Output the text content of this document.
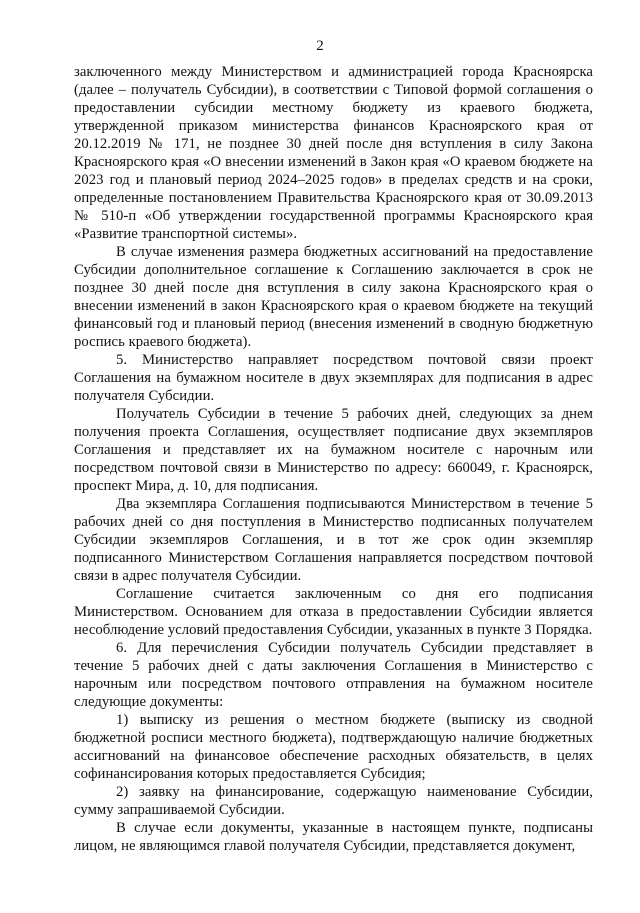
2

заключенного между Министерством и администрацией города Красноярска (далее – получатель Субсидии), в соответствии с Типовой формой соглашения о предоставлении субсидии местному бюджету из краевого бюджета, утвержденной приказом министерства финансов Красноярского края от 20.12.2019 № 171, не позднее 30 дней после дня вступления в силу Закона Красноярского края «О внесении изменений в Закон края «О краевом бюджете на 2023 год и плановый период 2024–2025 годов» в пределах средств и на сроки, определенные постановлением Правительства Красноярского края от 30.09.2013 № 510-п «Об утверждении государственной программы Красноярского края «Развитие транспортной системы».

В случае изменения размера бюджетных ассигнований на предоставление Субсидии дополнительное соглашение к Соглашению заключается в срок не позднее 30 дней после дня вступления в силу закона Красноярского края о внесении изменений в закон Красноярского края о краевом бюджете на текущий финансовый год и плановый период (внесения изменений в сводную бюджетную роспись краевого бюджета).

5. Министерство направляет посредством почтовой связи проект Соглашения на бумажном носителе в двух экземплярах для подписания в адрес получателя Субсидии.

Получатель Субсидии в течение 5 рабочих дней, следующих за днем получения проекта Соглашения, осуществляет подписание двух экземпляров Соглашения и представляет их на бумажном носителе с нарочным или посредством почтовой связи в Министерство по адресу: 660049, г. Красноярск, проспект Мира, д. 10, для подписания.

Два экземпляра Соглашения подписываются Министерством в течение 5 рабочих дней со дня поступления в Министерство подписанных получателем Субсидии экземпляров Соглашения, и в тот же срок один экземпляр подписанного Министерством Соглашения направляется посредством почтовой связи в адрес получателя Субсидии.

Соглашение считается заключенным со дня его подписания Министерством. Основанием для отказа в предоставлении Субсидии является несоблюдение условий предоставления Субсидии, указанных в пункте 3 Порядка.

6. Для перечисления Субсидии получатель Субсидии представляет в течение 5 рабочих дней с даты заключения Соглашения в Министерство с нарочным или посредством почтового отправления на бумажном носителе следующие документы:

1) выписку из решения о местном бюджете (выписку из сводной бюджетной росписи местного бюджета), подтверждающую наличие бюджетных ассигнований на финансовое обеспечение расходных обязательств, в целях софинансирования которых предоставляется Субсидия;

2) заявку на финансирование, содержащую наименование Субсидии, сумму запрашиваемой Субсидии.

В случае если документы, указанные в настоящем пункте, подписаны лицом, не являющимся главой получателя Субсидии, представляется документ,
